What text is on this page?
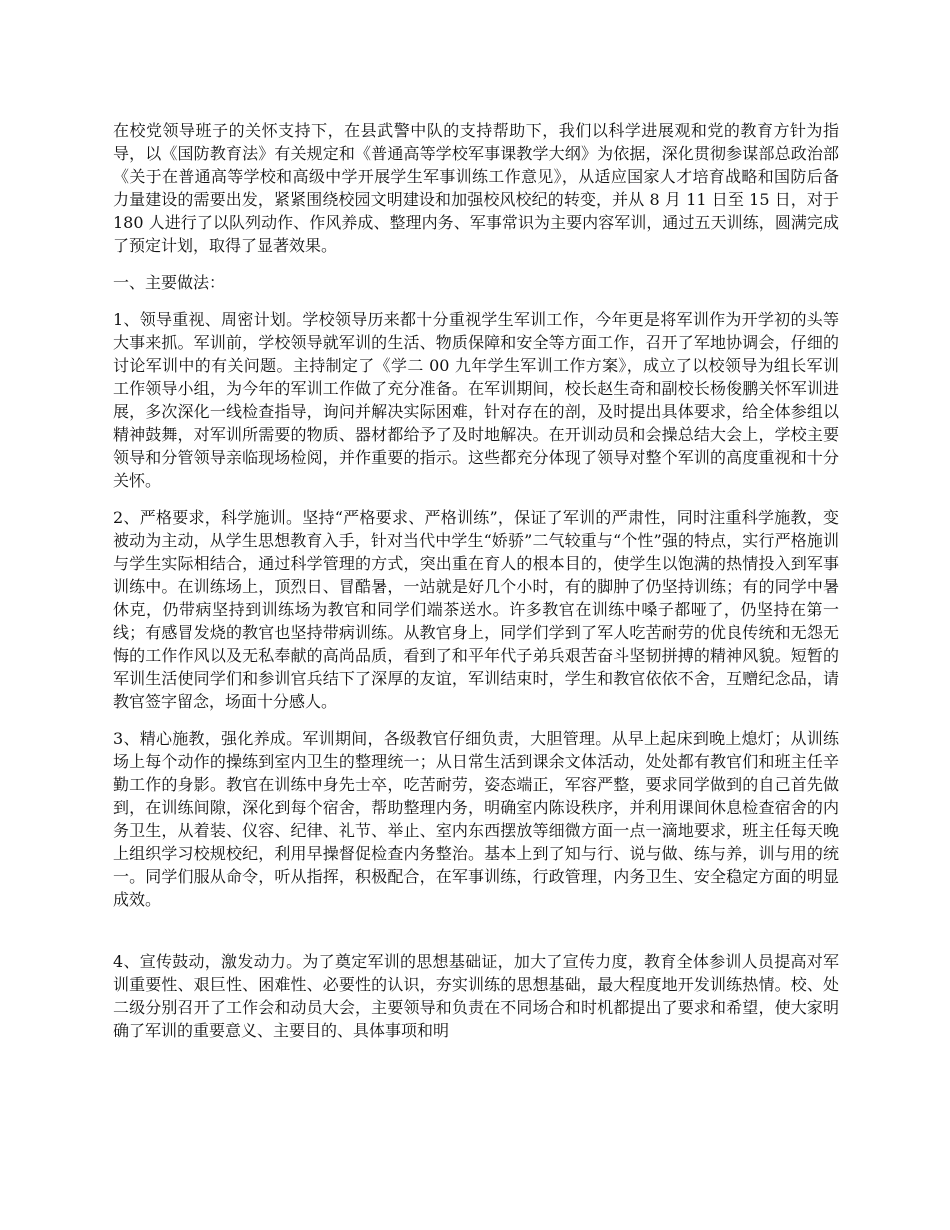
在校党领导班子的关怀支持下，在县武警中队的支持帮助下，我们以科学进展观和党的教育方针为指导，以《国防教育法》有关规定和《普通高等学校军事课教学大纲》为依据，深化贯彻参谋部总政治部《关于在普通高等学校和高级中学开展学生军事训练工作意见》，从适应国家人才培育战略和国防后备力量建设的需要出发，紧紧围绕校园文明建设和加强校风校纪的转变，并从 8 月 11 日至 15 日，对于 180 人进行了以队列动作、作风养成、整理内务、军事常识为主要内容军训，通过五天训练，圆满完成了预定计划，取得了显著效果。

一、主要做法：

1、领导重视、周密计划。学校领导历来都十分重视学生军训工作，今年更是将军训作为开学初的头等大事来抓。军训前，学校领导就军训的生活、物质保障和安全等方面工作，召开了军地协调会，仔细的讨论军训中的有关问题。主持制定了《学二 00 九年学生军训工作方案》，成立了以校领导为组长军训工作领导小组，为今年的军训工作做了充分准备。在军训期间，校长赵生奇和副校长杨俊鹏关怀军训进展，多次深化一线检查指导，询问并解决实际困难，针对存在的剖，及时提出具体要求，给全体参组以精神鼓舞，对军训所需要的物质、器材都给予了及时地解决。在开训动员和会操总结大会上，学校主要领导和分管领导亲临现场检阅，并作重要的指示。这些都充分体现了领导对整个军训的高度重视和十分关怀。

2、严格要求，科学施训。坚持“严格要求、严格训练”，保证了军训的严肃性，同时注重科学施教，变被动为主动，从学生思想教育入手，针对当代中学生“娇骄”二气较重与“个性”强的特点，实行严格施训与学生实际相结合，通过科学管理的方式，突出重在育人的根本目的，使学生以饱满的热情投入到军事训练中。在训练场上，顶烈日、冒酷暑，一站就是好几个小时，有的脚肿了仍坚持训练；有的同学中暑休克，仍带病坚持到训练场为教官和同学们端茶送水。许多教官在训练中嗓子都哑了，仍坚持在第一线；有感冒发烧的教官也坚持带病训练。从教官身上，同学们学到了军人吃苦耐劳的优良传统和无怨无悔的工作作风以及无私奉献的高尚品质，看到了和平年代子弟兵艰苦奋斗坚韧拼搏的精神风貌。短暂的军训生活使同学们和参训官兵结下了深厚的友谊，军训结束时，学生和教官依依不舍，互赠纪念品，请教官签字留念，场面十分感人。

3、精心施教，强化养成。军训期间，各级教官仔细负责，大胆管理。从早上起床到晚上熄灯；从训练场上每个动作的操练到室内卫生的整理统一；从日常生活到课余文体活动，处处都有教官们和班主任辛勤工作的身影。教官在训练中身先士卒，吃苦耐劳，姿态端正，军容严整，要求同学做到的自己首先做到，在训练间隙，深化到每个宿舍，帮助整理内务，明确室内陈设秩序，并利用课间休息检查宿舍的内务卫生，从着装、仪容、纪律、礼节、举止、室内东西摆放等细微方面一点一滴地要求，班主任每天晚上组织学习校规校纪，利用早操督促检查内务整治。基本上到了知与行、说与做、练与养，训与用的统一。同学们服从命令，听从指挥，积极配合，在军事训练，行政管理，内务卫生、安全稳定方面的明显成效。

4、宣传鼓动，激发动力。为了奠定军训的思想基础证，加大了宣传力度，教育全体参训人员提高对军训重要性、艰巨性、困难性、必要性的认识，夯实训练的思想基础，最大程度地开发训练热情。校、处二级分别召开了工作会和动员大会，主要领导和负责在不同场合和时机都提出了要求和希望，使大家明确了军训的重要意义、主要目的、具体事项和明
